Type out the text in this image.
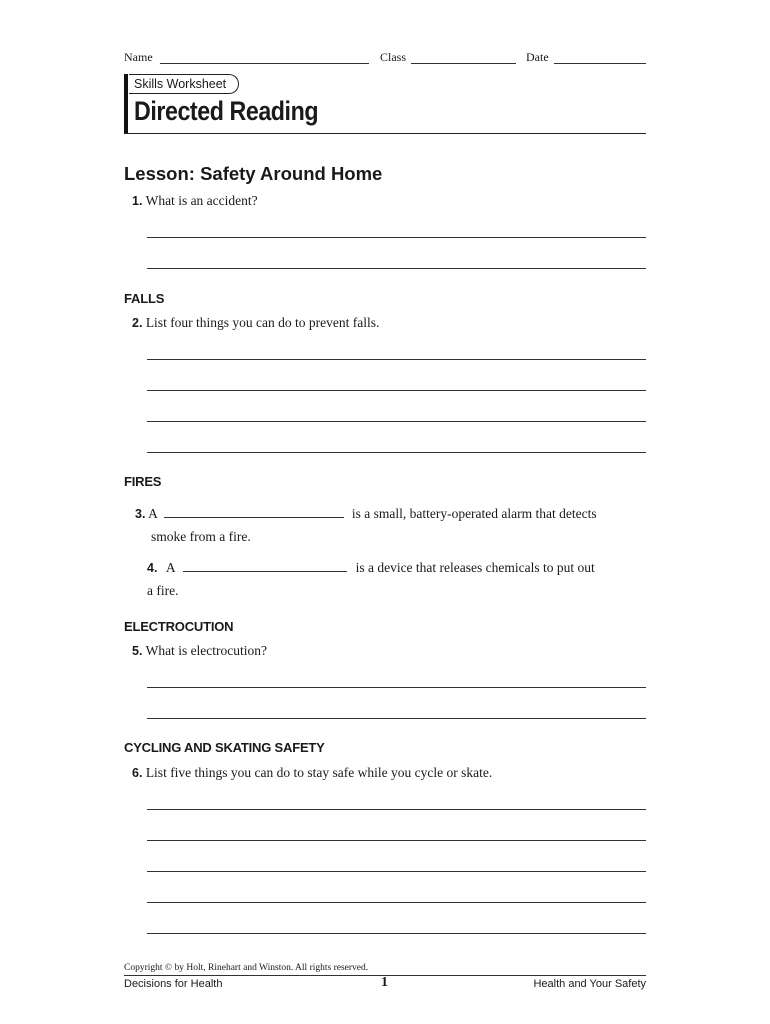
Name	Class	Date
Skills Worksheet
Directed Reading
Lesson: Safety Around Home
1. What is an accident?
FALLS
2. List four things you can do to prevent falls.
FIRES
3. A	is a small, battery-operated alarm that detects
smoke from a fire.
4. A	is a device that releases chemicals to put out
a fire.
ELECTROCUTION
5. What is electrocution?
CYCLING AND SKATING SAFETY
6. List five things you can do to stay safe while you cycle or skate.
Copyright © by Holt, Rinehart and Winston. All rights reserved.
Decisions for Health	1	Health and Your Safety
